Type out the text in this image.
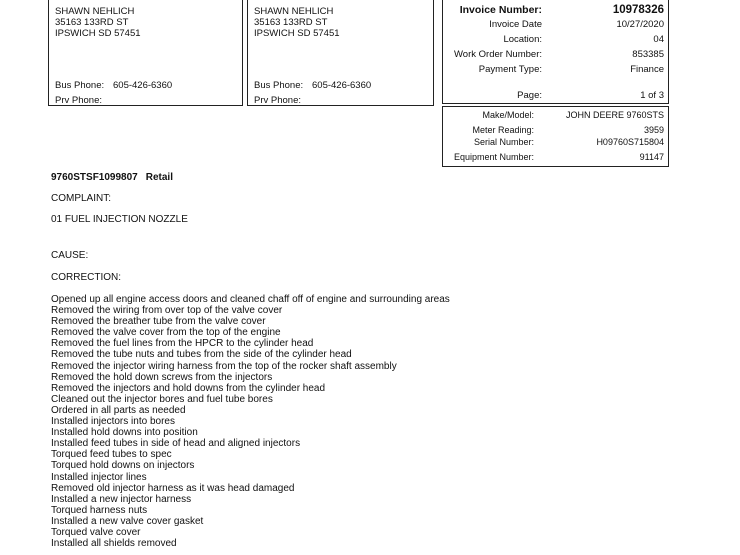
SHAWN NEHLICH
35163 133RD ST
IPSWICH SD 57451
Bus Phone: 605-426-6360
Prv Phone:
SHAWN NEHLICH
35163 133RD ST
IPSWICH SD 57451
Bus Phone: 605-426-6360
Prv Phone:
Invoice Number:	10978326
Invoice Date	10/27/2020
Location:	04
Work Order Number:	853385
Payment Type:	Finance
Page:	1 of 3
Make/Model:	JOHN DEERE 9760STS
Meter Reading:	3959
Serial Number:	H09760S715804
Equipment Number:	91147
9760STSF1099807 Retail
COMPLAINT:
01 FUEL INJECTION NOZZLE
CAUSE:
CORRECTION:
Opened up all engine access doors and cleaned chaff off of engine and surrounding areas
Removed the wiring from over top of the valve cover
Removed the breather tube from the valve cover
Removed the valve cover from the top of the engine
Removed the fuel lines from the HPCR to the cylinder head
Removed the tube nuts and tubes from the side of the cylinder head
Removed the injector wiring harness from the top of the rocker shaft assembly
Removed the hold down screws from the injectors
Removed the injectors and hold downs from the cylinder head
Cleaned out the injector bores and fuel tube bores
Ordered in all parts as needed
Installed injectors into bores
Installed hold downs into position
Installed feed tubes in side of head and aligned injectors
Torqued feed tubes to spec
Torqued hold downs on injectors
Installed injector lines
Removed old injector harness as it was head damaged
Installed a new injector harness
Torqued harness nuts
Installed a new valve cover gasket
Torqued valve cover
Installed all shields removed
